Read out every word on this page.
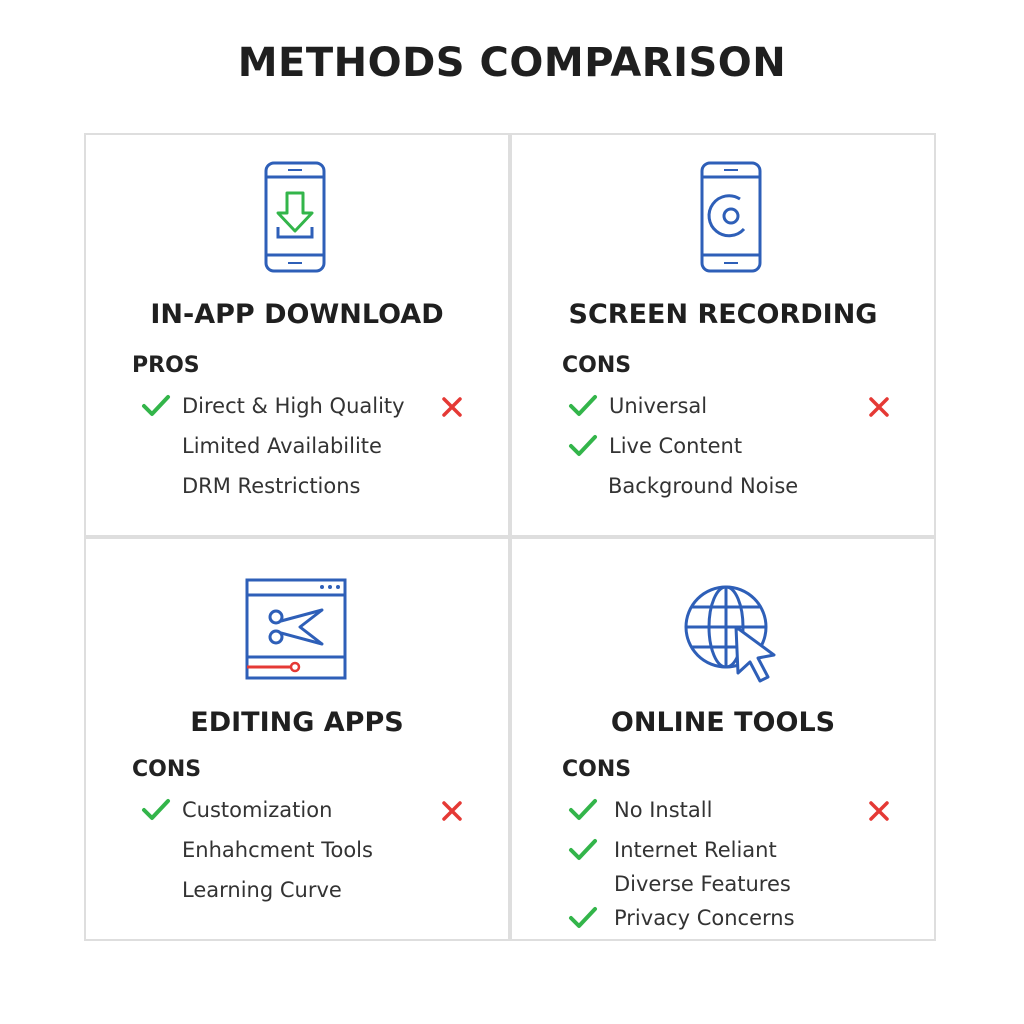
METHODS COMPARISON
IN-APP DOWNLOAD
PROS
Direct & High Quality
Limited Availabilite
DRM Restrictions
SCREEN RECORDING
CONS
Universal
Live Content
Background Noise
EDITING APPS
CONS
Customization
Enhahcment Tools
Learning Curve
ONLINE TOOLS
CONS
No Install
Internet Reliant
Diverse Features
Privacy Concerns
